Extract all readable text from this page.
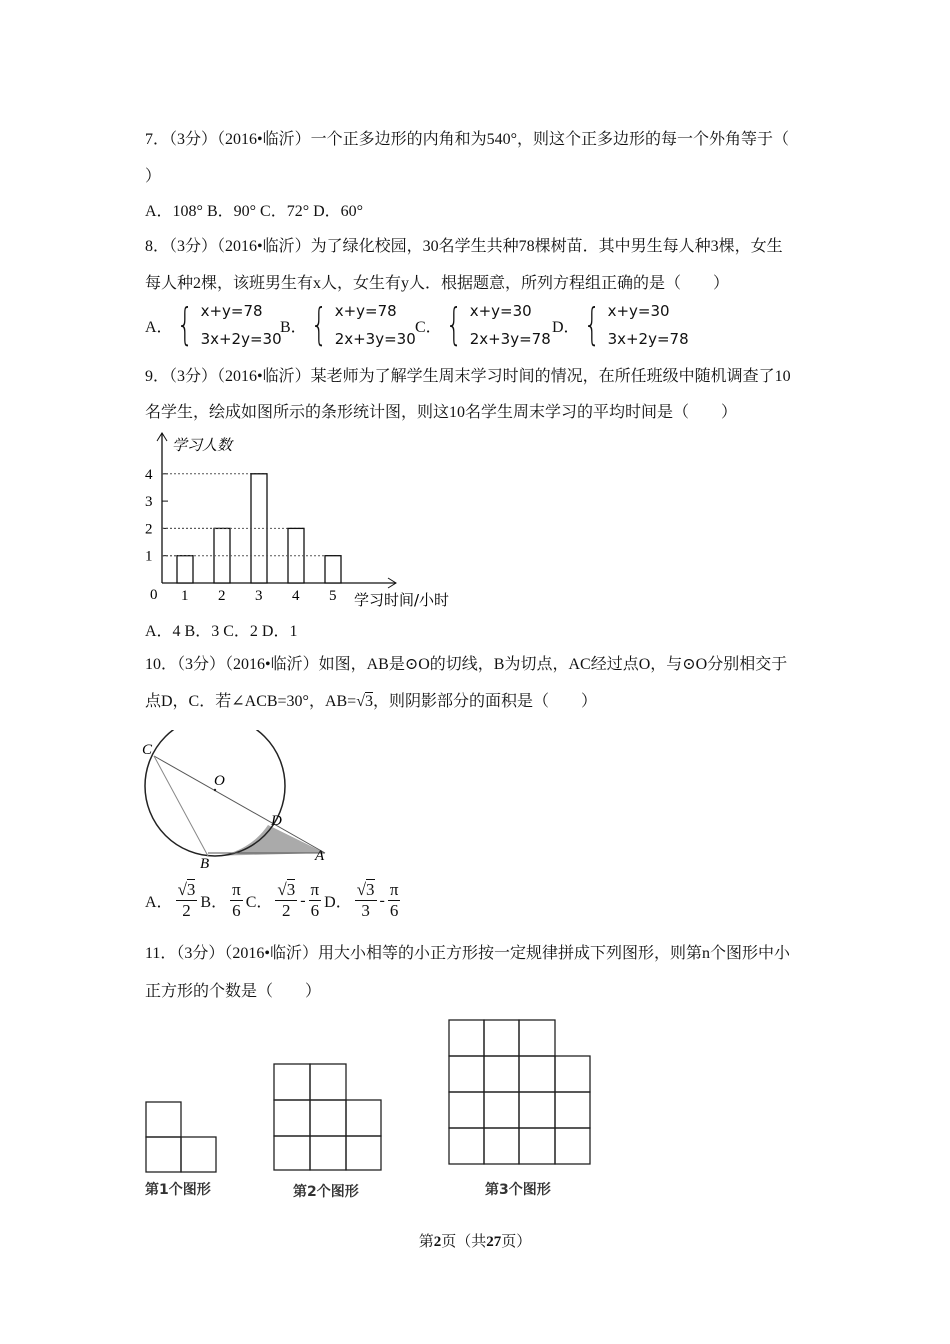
7．（3分）（2016•临沂）一个正多边形的内角和为540°，则这个正多边形的每一个外角等于（
）
A．108° B．90° C．72° D．60°
8．（3分）（2016•临沂）为了绿化校园，30名学生共种78棵树苗．其中男生每人种3棵，女生
每人种2棵，该班男生有x人，女生有y人．根据题意，所列方程组正确的是（　　）
A． { x+y=78
3x+2y=30
B． { x+y=78
2x+3y=30
C． { x+y=30
2x+3y=78
D． { x+y=30
3x+2y=78
9．（3分）（2016•临沂）某老师为了解学生周末学习时间的情况，在所任班级中随机调查了10
名学生，绘成如图所示的条形统计图，则这10名学生周末学习的平均时间是（　　）
学习人数
学习时间/小时
0
1
2
3
4
1 2 3 4 5
A．4 B．3 C．2 D．1
10．（3分）（2016•临沂）如图，AB是⊙O的切线，B为切点，AC经过点O，与⊙O分别相交于
点D，C．若∠ACB=30°，AB=√3，则阴影部分的面积是（　　）
C
O
D
B	A
A． $\frac{√3}{2}$ B． $\frac{\pi}{6}$ C． $\frac{√3}{2} - \frac{\pi}{6}$ D． $\frac{√3}{3} - \frac{\pi}{6}$
11．（3分）（2016•临沂）用大小相等的小正方形按一定规律拼成下列图形，则第n个图形中小
正方形的个数是（　　）
第1个图形	第2个图形	第3个图形
第2页（共27页）
